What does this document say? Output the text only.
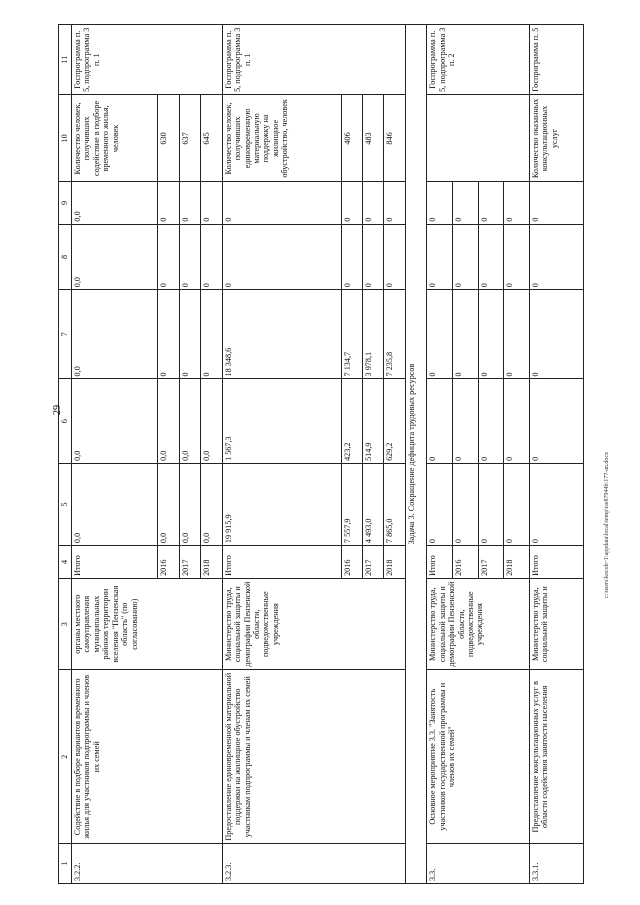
29
c:\users\kocob~1\appdata\local\temp\ise87944b\177-an.docx
1	2	3	4	5	6	7	8	9	10	11
3.2.2.	Содействие в подборе вариантов временного жилья для участников подпрограммы и членов их семей	органы местного самоуправления муниципальных районов территории вселения "Пензенская область" (по согласованию)	Итого	0,0	0,0	0,0	0,0	0,0	Количество человек, получивших содействие в подборе временного жилья, человек	Госпрограмма п. 5, подпрограмма 3 п. 1
			2016	0,0	0,0	0	0	0	630	
			2017	0,0	0,0	0	0	0	637	
			2018	0,0	0,0	0	0	0	645	
3.2.3.	Предоставление единовременной материальной поддержки на жилищное обустройство участникам подпрограммы и членам их семей	Министерство труда, социальной защиты и демографии Пензенской области, подведомственные учреждения	Итого	19 915,9	1 567,3	18 348,6	0	0	Количество человек, получивших единовременную материальную поддержку на жилищное обустройство, человек	Госпрограмма п. 5, подпрограмма 3 п. 1
			2016	7 557,9	423,2	7 134,7	0	0	406	
			2017	4 493,0	514,9	3 978,1	0	0	483	
			2018	7 865,0	629,2	7 235,8	0	0	846	
Задача 3. Сокращение дефицита трудовых ресурсов										
3.3.	Основное мероприятие 3.3. "Занятость участников государственной программы и членов их семей"	Министерство труда, социальной защиты и демографии Пензенской области, подведомственные учреждения	Итого	0	0	0	0	0		Госпрограмма п. 5, подпрограмма 3 п. 2
			2016	0	0	0	0	0		
			2017	0	0	0	0	0		
			2018	0	0	0	0	0		
3.3.1.	Предоставление консультационных услуг в области содействия занятости населения	Министерство труда, социальной защиты и	Итого	0	0	0	0	0	Количество оказанных консультационных услуг	Госпрограмма п. 5
